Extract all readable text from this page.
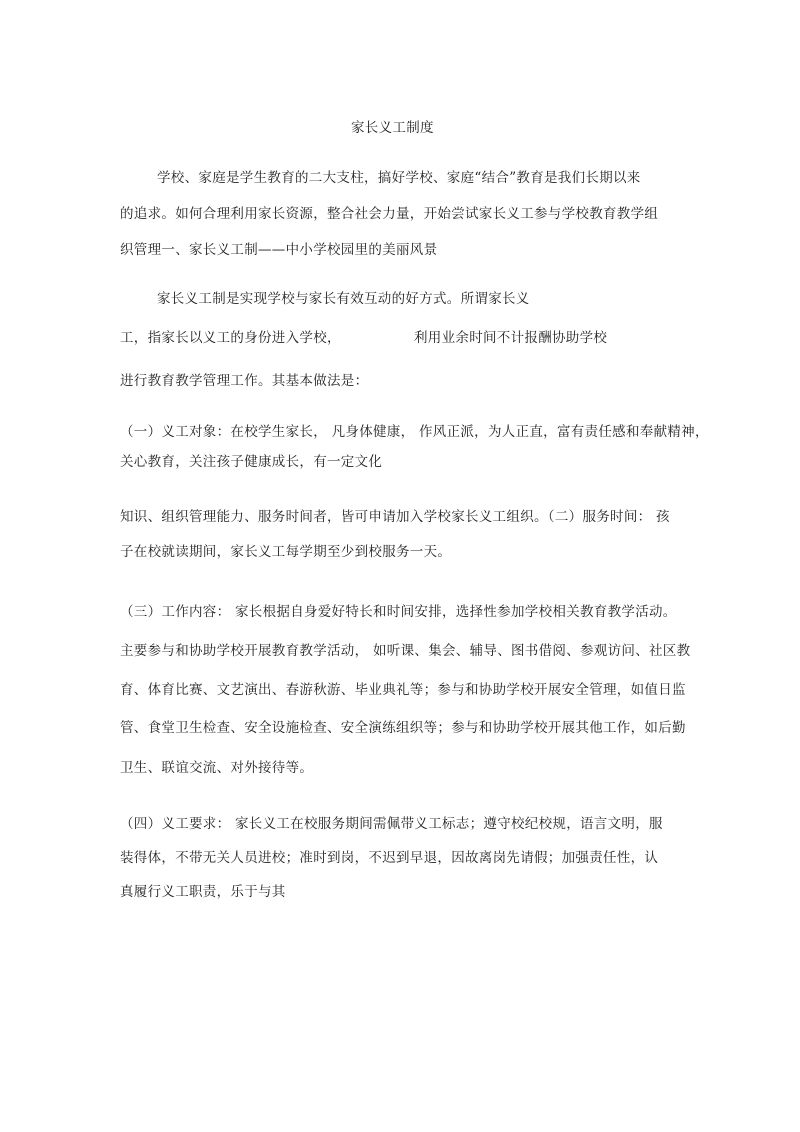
家长义工制度
学校、家庭是学生教育的二大支柱，搞好学校、家庭“结合”教育是我们长期以来
的追求。如何合理利用家长资源，整合社会力量，开始尝试家长义工参与学校教育教学组
织管理一、家长义工制——中小学校园里的美丽风景
家长义工制是实现学校与家长有效互动的好方式。所谓家长义
工，指家长以义工的身份进入学校，	利用业余时间不计报酬协助学校
进行教育教学管理工作。其基本做法是：
（一）义工对象：在校学生家长， 凡身体健康， 作风正派，为人正直，富有责任感和奉献精神，
关心教育，关注孩子健康成长，有一定文化
知识、组织管理能力、服务时间者，皆可申请加入学校家长义工组织。（二）服务时间： 孩
子在校就读期间，家长义工每学期至少到校服务一天。
（三）工作内容： 家长根据自身爱好特长和时间安排，选择性参加学校相关教育教学活动。
主要参与和协助学校开展教育教学活动， 如听课、集会、辅导、图书借阅、参观访问、社区教
育、体育比赛、文艺演出、春游秋游、毕业典礼等；参与和协助学校开展安全管理，如值日监
管、食堂卫生检查、安全设施检查、安全演练组织等；参与和协助学校开展其他工作，如后勤
卫生、联谊交流、对外接待等。
（四）义工要求： 家长义工在校服务期间需佩带义工标志；遵守校纪校规，语言文明，服
装得体，不带无关人员进校；准时到岗，不迟到早退，因故离岗先请假；加强责任性，认
真履行义工职责，乐于与其
